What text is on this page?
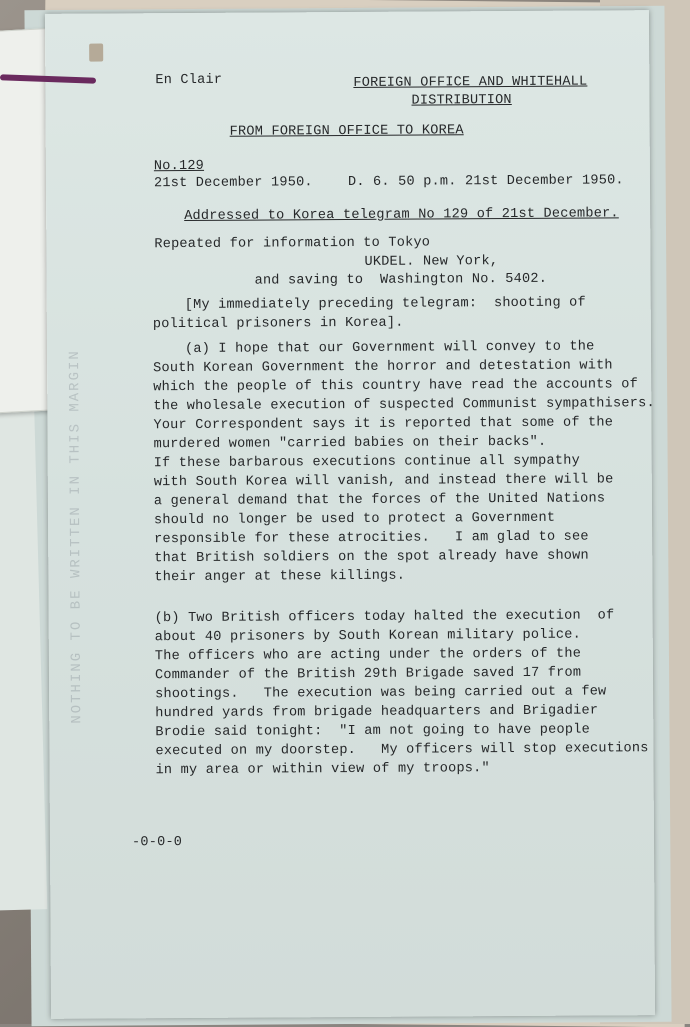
NOTHING TO BE WRITTEN IN THIS MARGIN
En Clair	FOREIGN OFFICE AND WHITEHALL
DISTRIBUTION
FROM FOREIGN OFFICE TO KOREA
No.129
21st December 1950.	D. 6. 50 p.m. 21st December 1950.
Addressed to Korea telegram No 129 of 21st December.
Repeated for information to Tokyo
UKDEL. New York,
and saving to  Washington No. 5402.
[My immediately preceding telegram:  shooting of
political prisoners in Korea].
(a) I hope that our Government will convey to the
South Korean Government the horror and detestation with
which the people of this country have read the accounts of
the wholesale execution of suspected Communist sympathisers.
Your Correspondent says it is reported that some of the
murdered women "carried babies on their backs".
If these barbarous executions continue all sympathy
with South Korea will vanish, and instead there will be
a general demand that the forces of the United Nations
should no longer be used to protect a Government
responsible for these atrocities.   I am glad to see
that British soldiers on the spot already have shown
their anger at these killings.
(b) Two British officers today halted the execution  of
about 40 prisoners by South Korean military police.
The officers who are acting under the orders of the
Commander of the British 29th Brigade saved 17 from
shootings.   The execution was being carried out a few
hundred yards from brigade headquarters and Brigadier
Brodie said tonight:  "I am not going to have people
executed on my doorstep.   My officers will stop executions
in my area or within view of my troops."
-0-0-0
